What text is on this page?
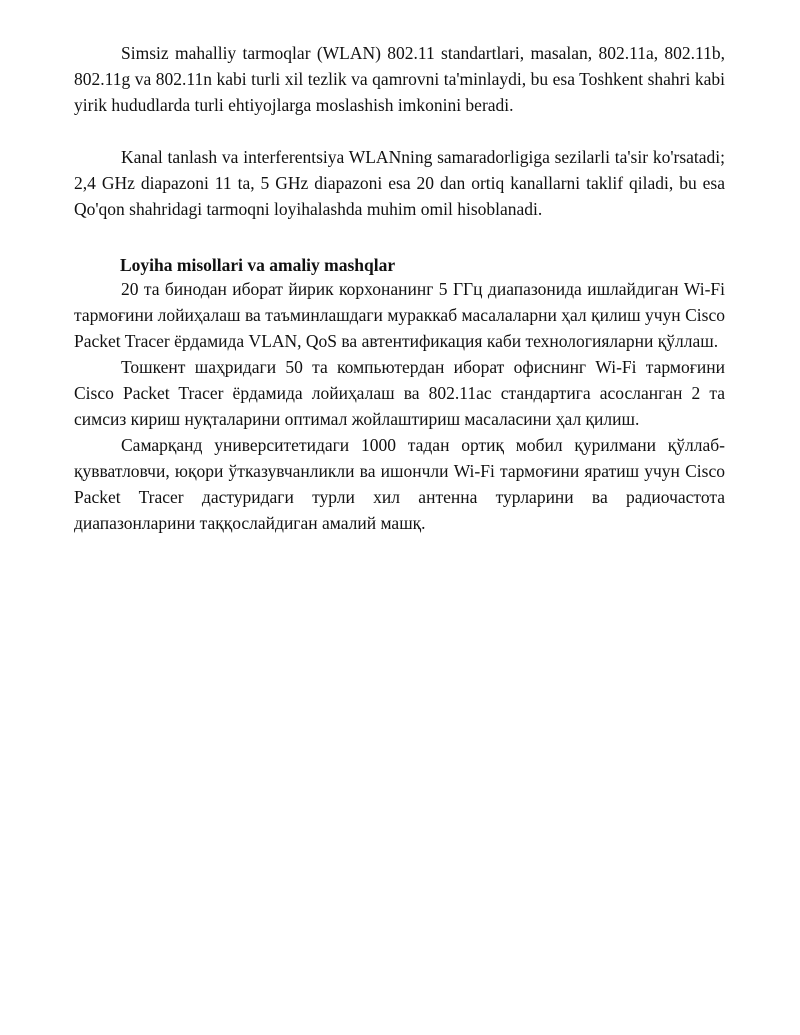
Simsiz mahalliy tarmoqlar (WLAN) 802.11 standartlari, masalan, 802.11a, 802.11b, 802.11g va 802.11n kabi turli xil tezlik va qamrovni ta'minlaydi, bu esa Toshkent shahri kabi yirik hududlarda turli ehtiyojlarga moslashish imkonini beradi.

Kanal tanlash va interferentsiya WLANning samaradorligiga sezilarli ta'sir ko'rsatadi; 2,4 GHz diapazoni 11 ta, 5 GHz diapazoni esa 20 dan ortiq kanallarni taklif qiladi, bu esa Qo'qon shahridagi tarmoqni loyihalashda muhim omil hisoblanadi.

Loyiha misollari va amaliy mashqlar

20 та бинодан иборат йирик корхонанинг 5 ГГц диапазонида ишлайдиган Wi-Fi тармоғини лойиҳалаш ва таъминлашдаги мураккаб масалаларни ҳал қилиш учун Cisco Packet Tracer ёрдамида VLAN, QoS ва автентификация каби технологияларни қўллаш.

Тошкент шаҳридаги 50 та компьютердан иборат офиснинг Wi-Fi тармоғини Cisco Packet Tracer ёрдамида лойиҳалаш ва 802.11ac стандартига асосланган 2 та симсиз кириш нуқталарини оптимал жойлаштириш масаласини ҳал қилиш.

Самарқанд университетидаги 1000 тадан ортиқ мобил қурилмани қўллаб-қувватловчи, юқори ўтказувчанликли ва ишончли Wi-Fi тармоғини яратиш учун Cisco Packet Tracer дастуридаги турли хил антенна турларини ва радиочастота диапазонларини таққослайдиган амалий машқ.
